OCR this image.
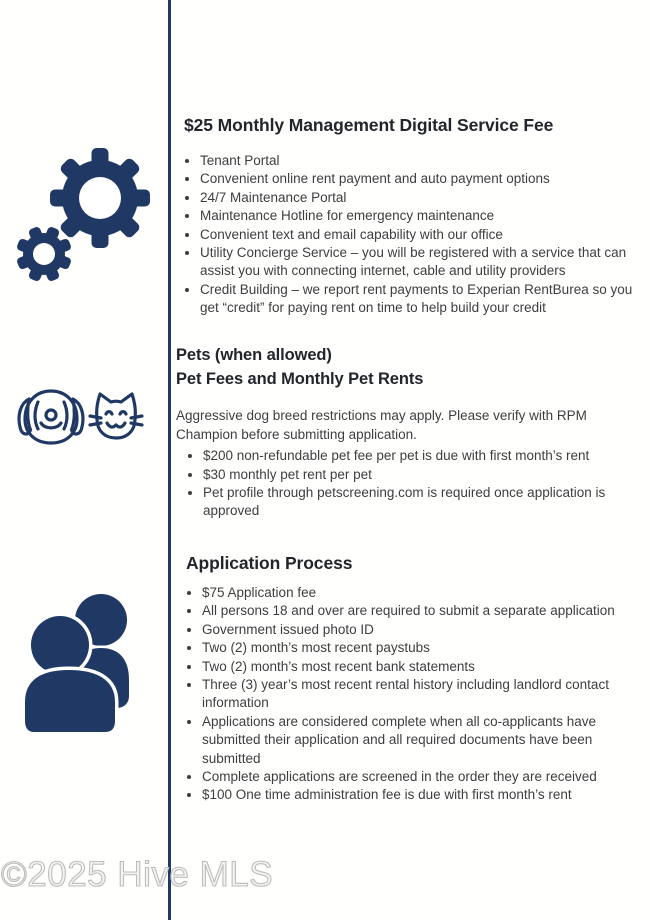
$25 Monthly Management Digital Service Fee
• Tenant Portal
• Convenient online rent payment and auto payment options
• 24/7 Maintenance Portal
• Maintenance Hotline for emergency maintenance
• Convenient text and email capability with our office
• Utility Concierge Service – you will be registered with a service that can assist you with connecting internet, cable and utility providers
• Credit Building – we report rent payments to Experian RentBurea so you get “credit” for paying rent on time to help build your credit
Pets (when allowed)
Pet Fees and Monthly Pet Rents

Aggressive dog breed restrictions may apply. Please verify with RPM Champion before submitting application.

• $200 non-refundable pet fee per pet is due with first month’s rent
• $30 monthly pet rent per pet
• Pet profile through petscreening.com is required once application is approved
Application Process
• $75 Application fee
• All persons 18 and over are required to submit a separate application
• Government issued photo ID
• Two (2) month’s most recent paystubs
• Two (2) month’s most recent bank statements
• Three (3) year’s most recent rental history including landlord contact information
• Applications are considered complete when all co-applicants have submitted their application and all required documents have been submitted
• Complete applications are screened in the order they are received
• $100 One time administration fee is due with first month’s rent
©2025 Hive MLS
